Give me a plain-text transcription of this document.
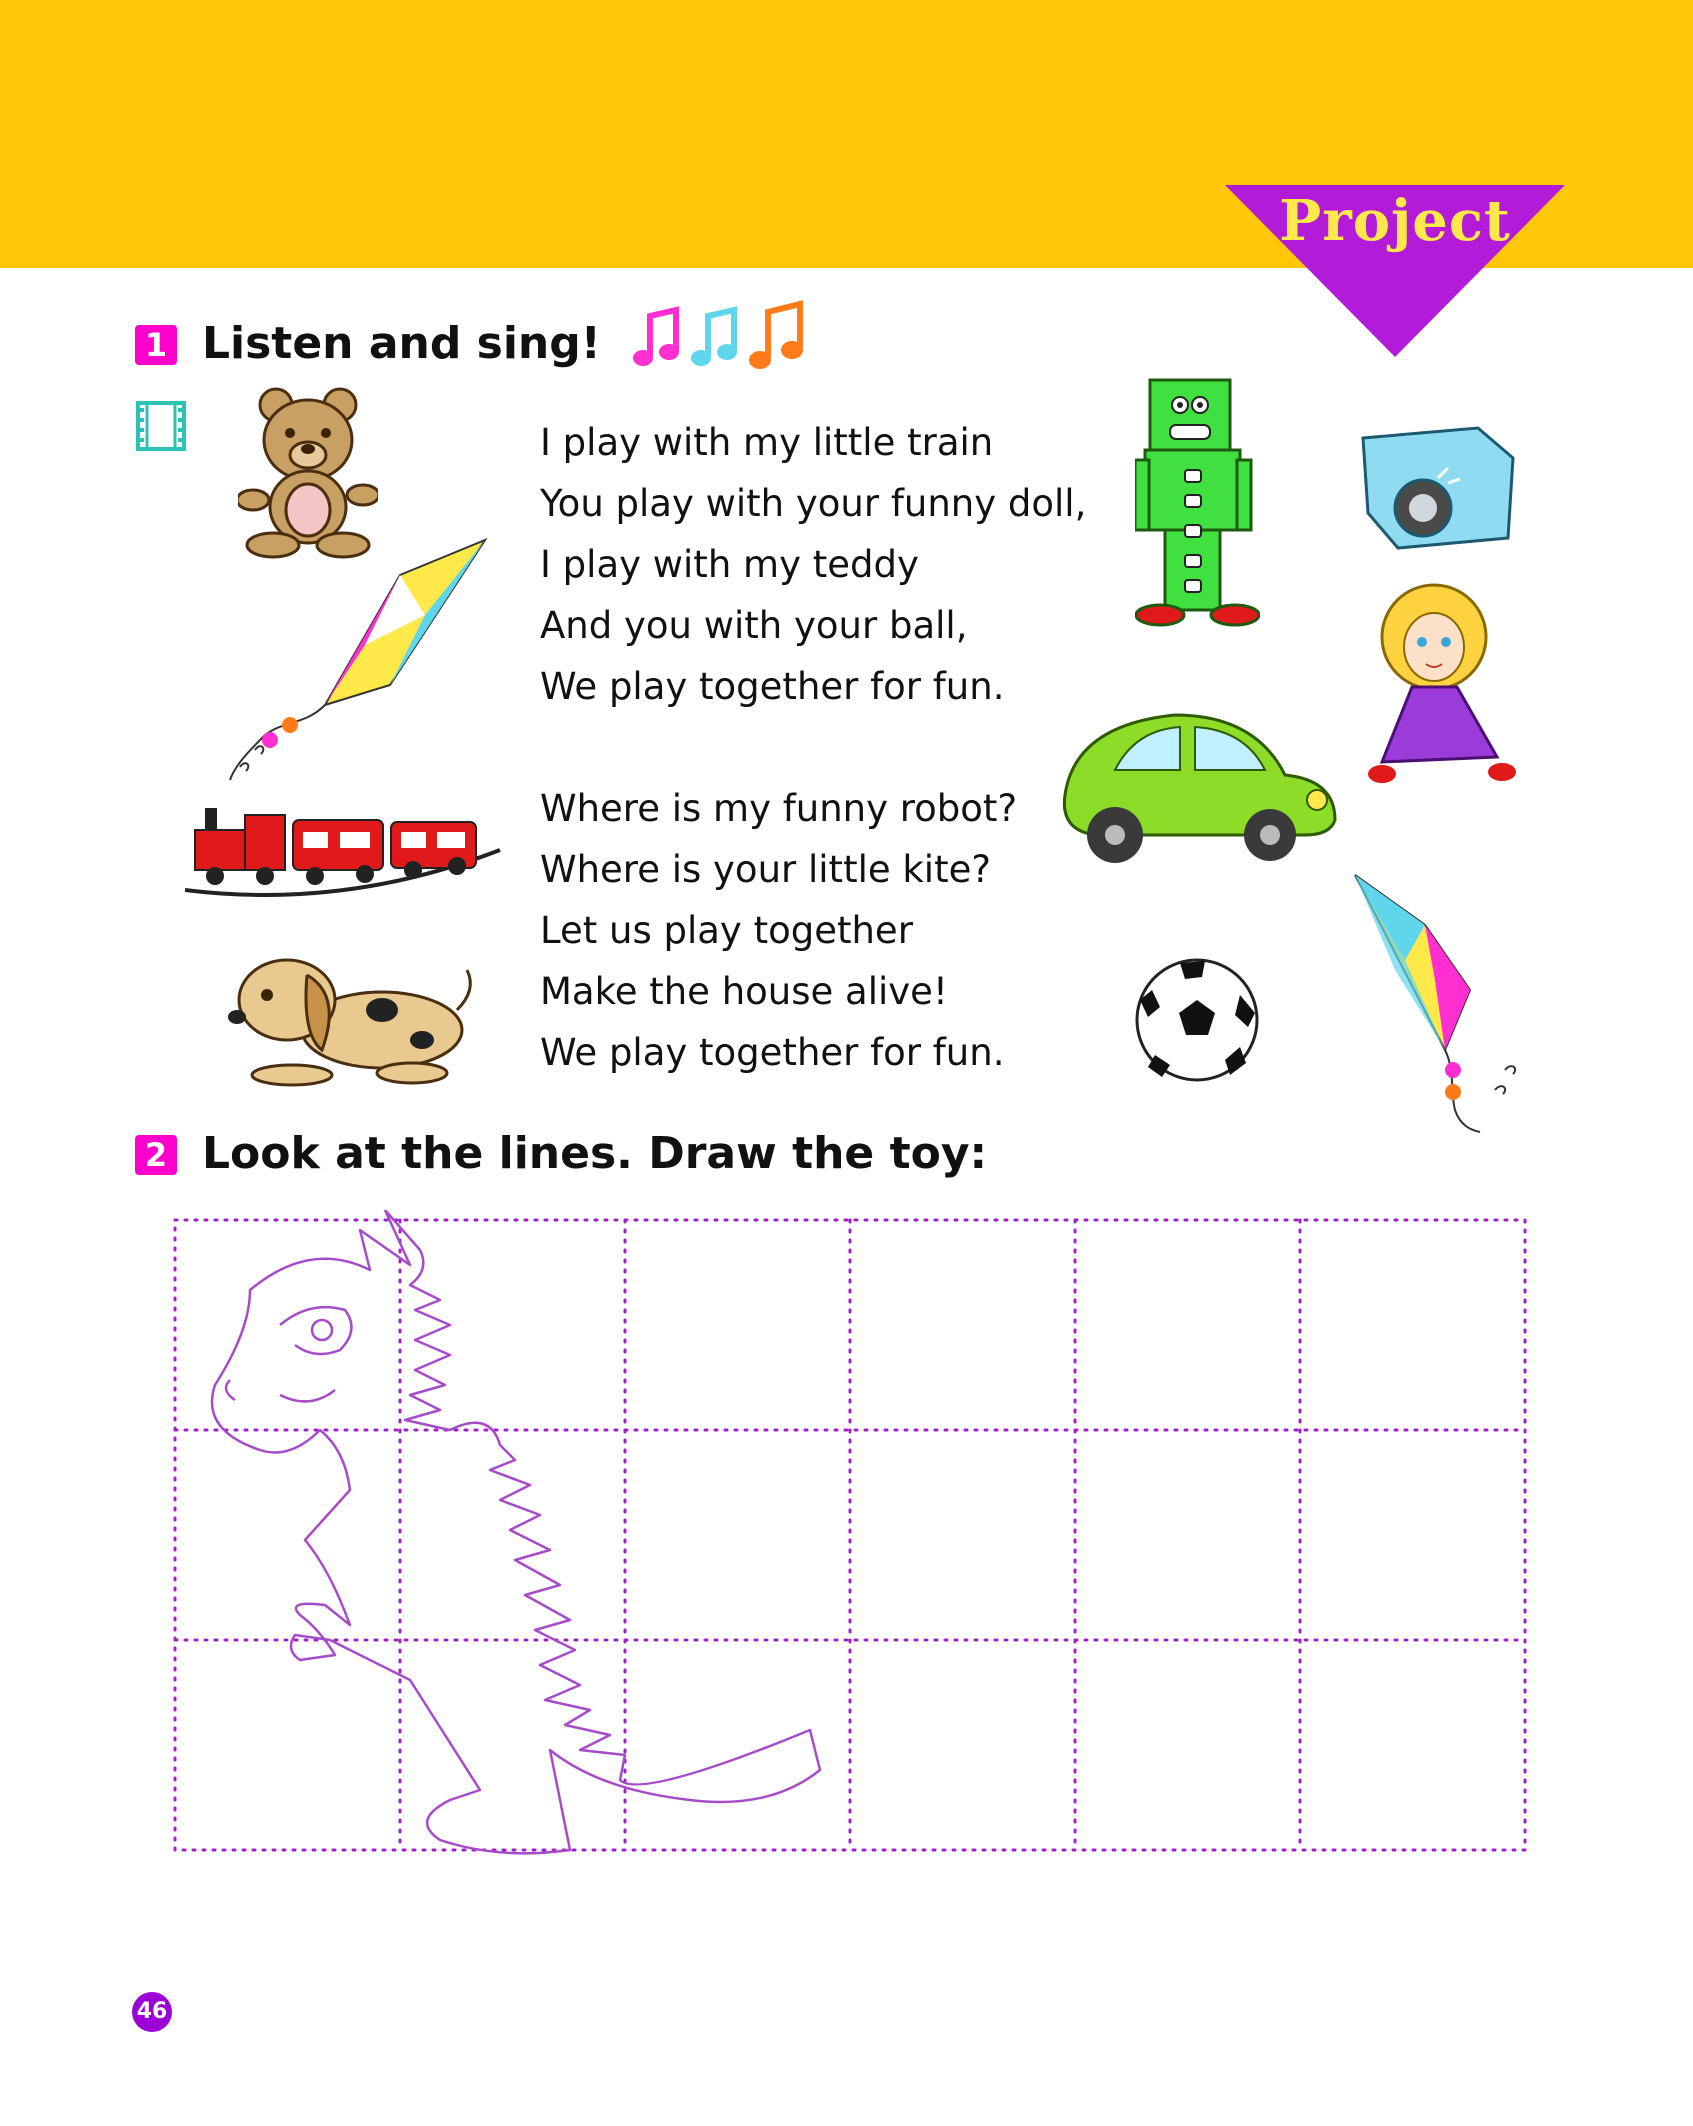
Project
1 Listen and sing!
I play with my little train
You play with your funny doll,
I play with my teddy
And you with your ball,
We play together for fun.
Where is my funny robot?
Where is your little kite?
Let us play together
Make the house alive!
We play together for fun.
2 Look at the lines. Draw the toy:
46
